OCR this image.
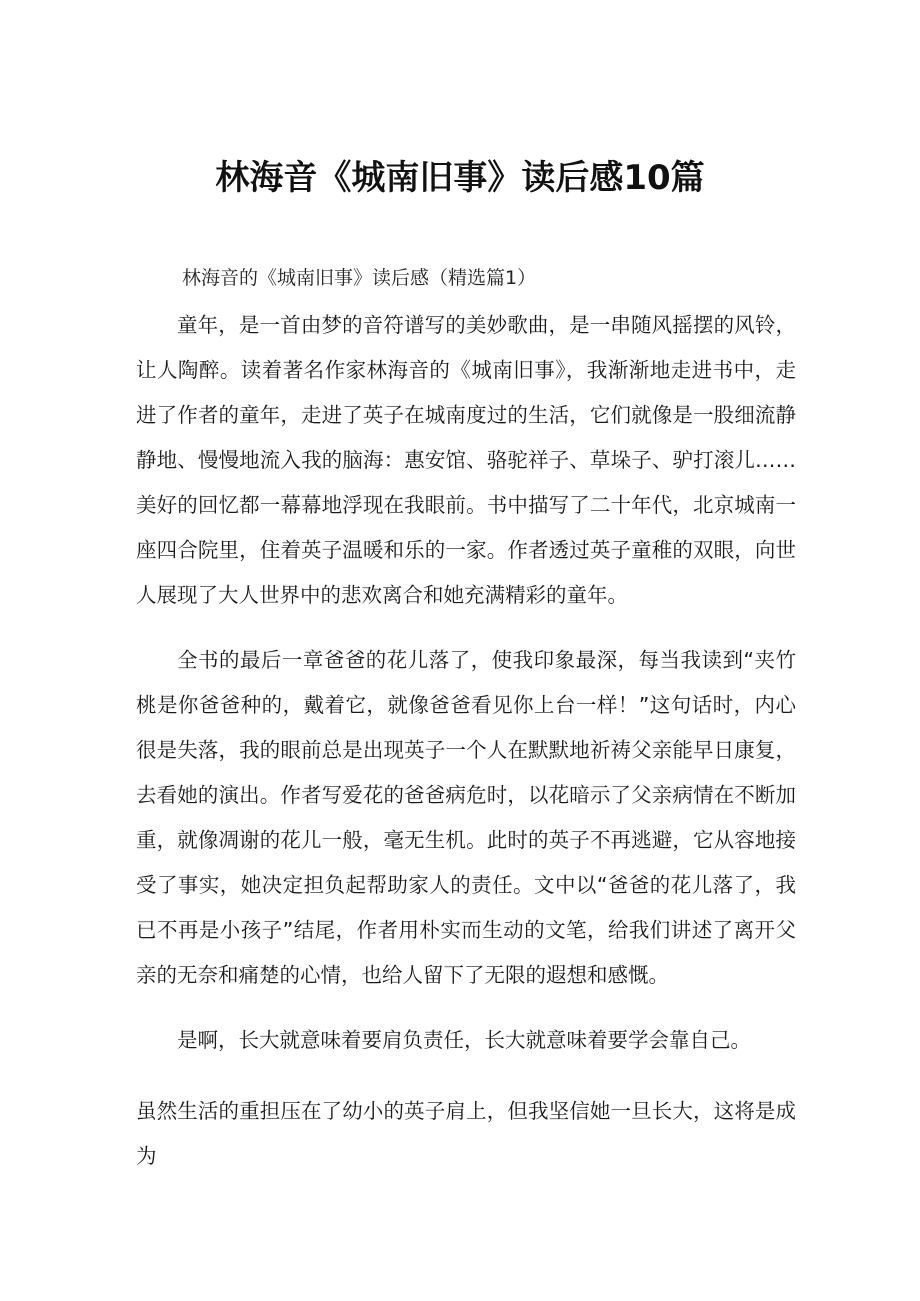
林海音《城南旧事》读后感10篇
林海音的《城南旧事》读后感（精选篇1）

童年，是一首由梦的音符谱写的美妙歌曲，是一串随风摇摆的风铃，让人陶醉。读着著名作家林海音的《城南旧事》，我渐渐地走进书中，走进了作者的童年，走进了英子在城南度过的生活，它们就像是一股细流静静地、慢慢地流入我的脑海：惠安馆、骆驼祥子、草垛子、驴打滚儿……美好的回忆都一幕幕地浮现在我眼前。书中描写了二十年代，北京城南一座四合院里，住着英子温暖和乐的一家。作者透过英子童稚的双眼，向世人展现了大人世界中的悲欢离合和她充满精彩的童年。

全书的最后一章爸爸的花儿落了，使我印象最深，每当我读到“夹竹桃是你爸爸种的，戴着它，就像爸爸看见你上台一样！”这句话时，内心很是失落，我的眼前总是出现英子一个人在默默地祈祷父亲能早日康复，去看她的演出。作者写爱花的爸爸病危时，以花暗示了父亲病情在不断加重，就像凋谢的花儿一般，毫无生机。此时的英子不再逃避，它从容地接受了事实，她决定担负起帮助家人的责任。文中以“爸爸的花儿落了，我已不再是小孩子”结尾，作者用朴实而生动的文笔，给我们讲述了离开父亲的无奈和痛楚的心情，也给人留下了无限的遐想和感慨。

是啊，长大就意味着要肩负责任，长大就意味着要学会靠自己。

虽然生活的重担压在了幼小的英子肩上，但我坚信她一旦长大，这将是成为
